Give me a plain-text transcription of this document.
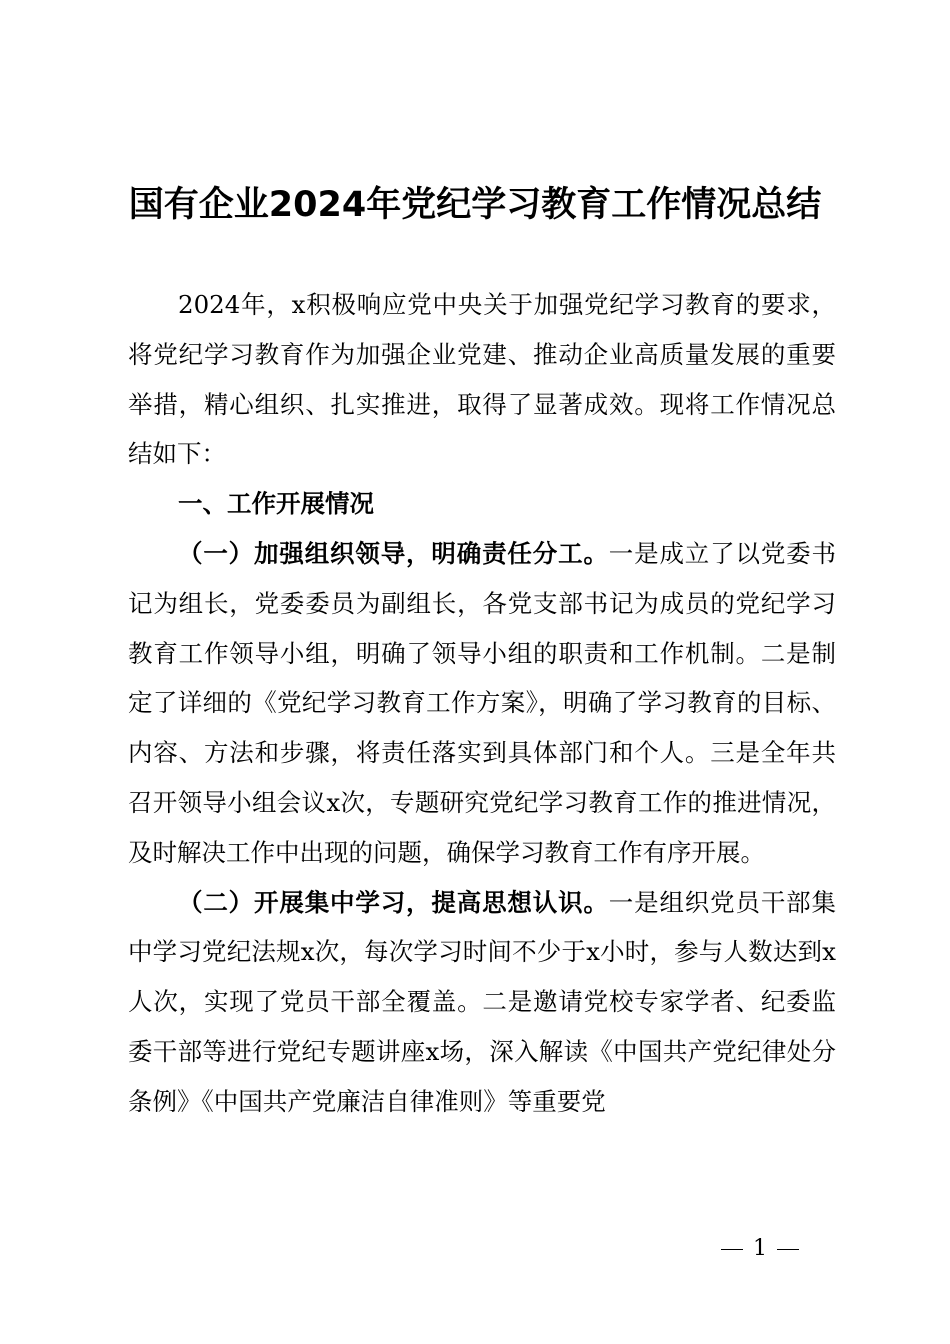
国有企业2024年党纪学习教育工作情况总结

2024年，x积极响应党中央关于加强党纪学习教育的要求，将党纪学习教育作为加强企业党建、推动企业高质量发展的重要举措，精心组织、扎实推进，取得了显著成效。现将工作情况总结如下：

一、工作开展情况

（一）加强组织领导，明确责任分工。一是成立了以党委书记为组长，党委委员为副组长，各党支部书记为成员的党纪学习教育工作领导小组，明确了领导小组的职责和工作机制。二是制定了详细的《党纪学习教育工作方案》，明确了学习教育的目标、内容、方法和步骤，将责任落实到具体部门和个人。三是全年共召开领导小组会议x次，专题研究党纪学习教育工作的推进情况，及时解决工作中出现的问题，确保学习教育工作有序开展。

（二）开展集中学习，提高思想认识。一是组织党员干部集中学习党纪法规x次，每次学习时间不少于x小时，参与人数达到x人次，实现了党员干部全覆盖。二是邀请党校专家学者、纪委监委干部等进行党纪专题讲座x场，深入解读《中国共产党纪律处分条例》《中国共产党廉洁自律准则》等重要党

1
